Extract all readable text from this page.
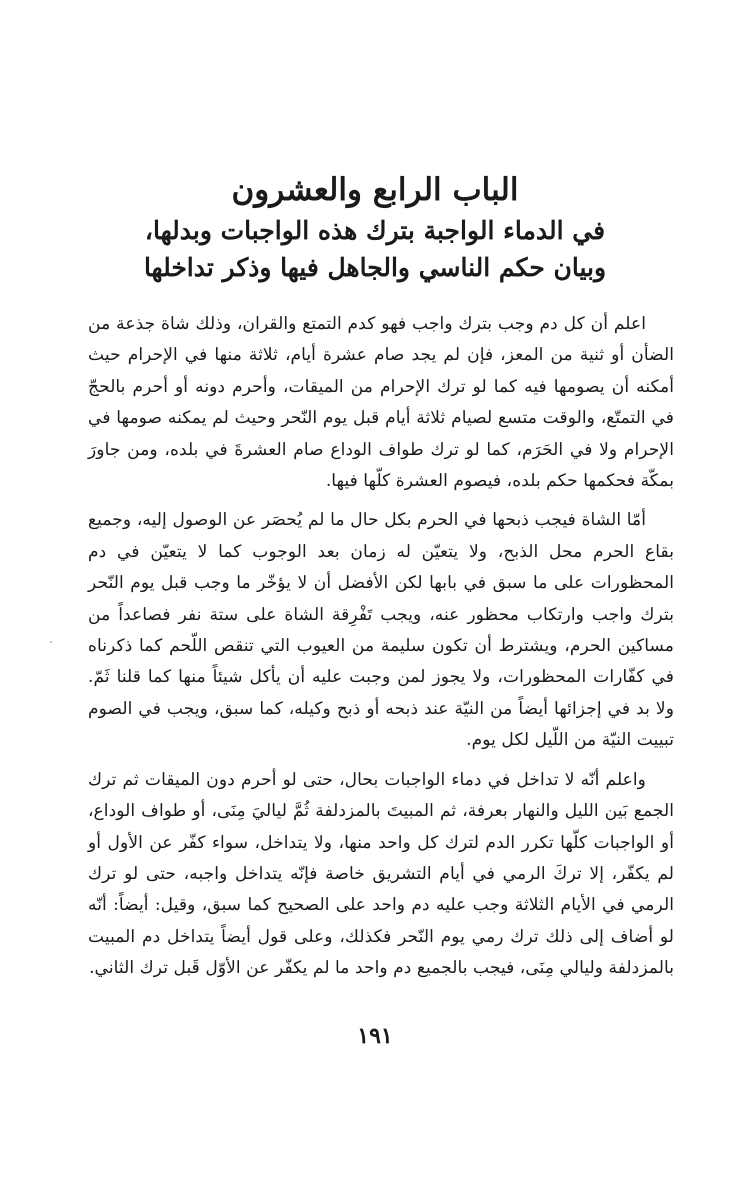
الباب الرابع والعشرون
في الدماء الواجبة بترك هذه الواجبات وبدلها،
وبيان حكم الناسي والجاهل فيها وذكر تداخلها

اعلم أن كل دم وجب بترك واجب فهو كدم التمتع والقران، وذلك شاة جذعة من الضأن أو ثنية من المعز، فإن لم يجد صام عشرة أيام، ثلاثة منها في الإحرام حيث أمكنه أن يصومها فيه كما لو ترك الإحرام من الميقات، وأحرم دونه أو أحرم بالحجّ في التمتّع، والوقت متسع لصيام ثلاثة أيام قبل يوم النّحر وحيث لم يمكنه صومها في الإحرام ولا في الحَرَم، كما لو ترك طواف الوداع صام العشرةَ في بلده، ومن جاورَ بمكّة فحكمها حكم بلده، فيصوم العشرة كلّها فيها.

أمّا الشاة فيجب ذبحها في الحرم بكل حال ما لم يُحصَر عن الوصول إليه، وجميع بقاع الحرم محل الذبح، ولا يتعيّن له زمان بعد الوجوب كما لا يتعيّن في دم المحظورات على ما سبق في بابها لكن الأفضل أن لا يؤخّر ما وجب قبل يوم النّحر بترك واجب وارتكاب محظور عنه، ويجب تَفْرِقة الشاة على ستة نفر فصاعداً من مساكين الحرم، ويشترط أن تكون سليمة من العيوب التي تنقص اللّحم كما ذكرناه في كفّارات المحظورات، ولا يجوز لمن وجبت عليه أن يأكل شيئاً منها كما قلنا ثَمّ. ولا بد في إجزائها أيضاً من النيّة عند ذبحه أو ذبح وكيله، كما سبق، ويجب في الصوم تبييت النيّة من اللّيل لكل يوم.

واعلم أنّه لا تداخل في دماء الواجبات بحال، حتى لو أحرم دون الميقات ثم ترك الجمع بَين الليل والنهار بعرفة، ثم المبيتَ بالمزدلفة ثُمَّ لياليَ مِنَى، أو طواف الوداع، أو الواجبات كلّها تكرر الدم لترك كل واحد منها، ولا يتداخل، سواء كفّر عن الأول أو لم يكفّر، إلا تركَ الرمي في أيام التشريق خاصة فإنّه يتداخل واجبه، حتى لو ترك الرمي في الأيام الثلاثة وجب عليه دم واحد على الصحيح كما سبق، وقيل: أيضاً: أنّه لو أضاف إلى ذلك ترك رمي يوم النّحر فكذلك، وعلى قول أيضاً يتداخل دم المبيت بالمزدلفة وليالي مِنَى، فيجب بالجميع دم واحد ما لم يكفّر عن الأوّل قَبل ترك الثاني.

١٩١
